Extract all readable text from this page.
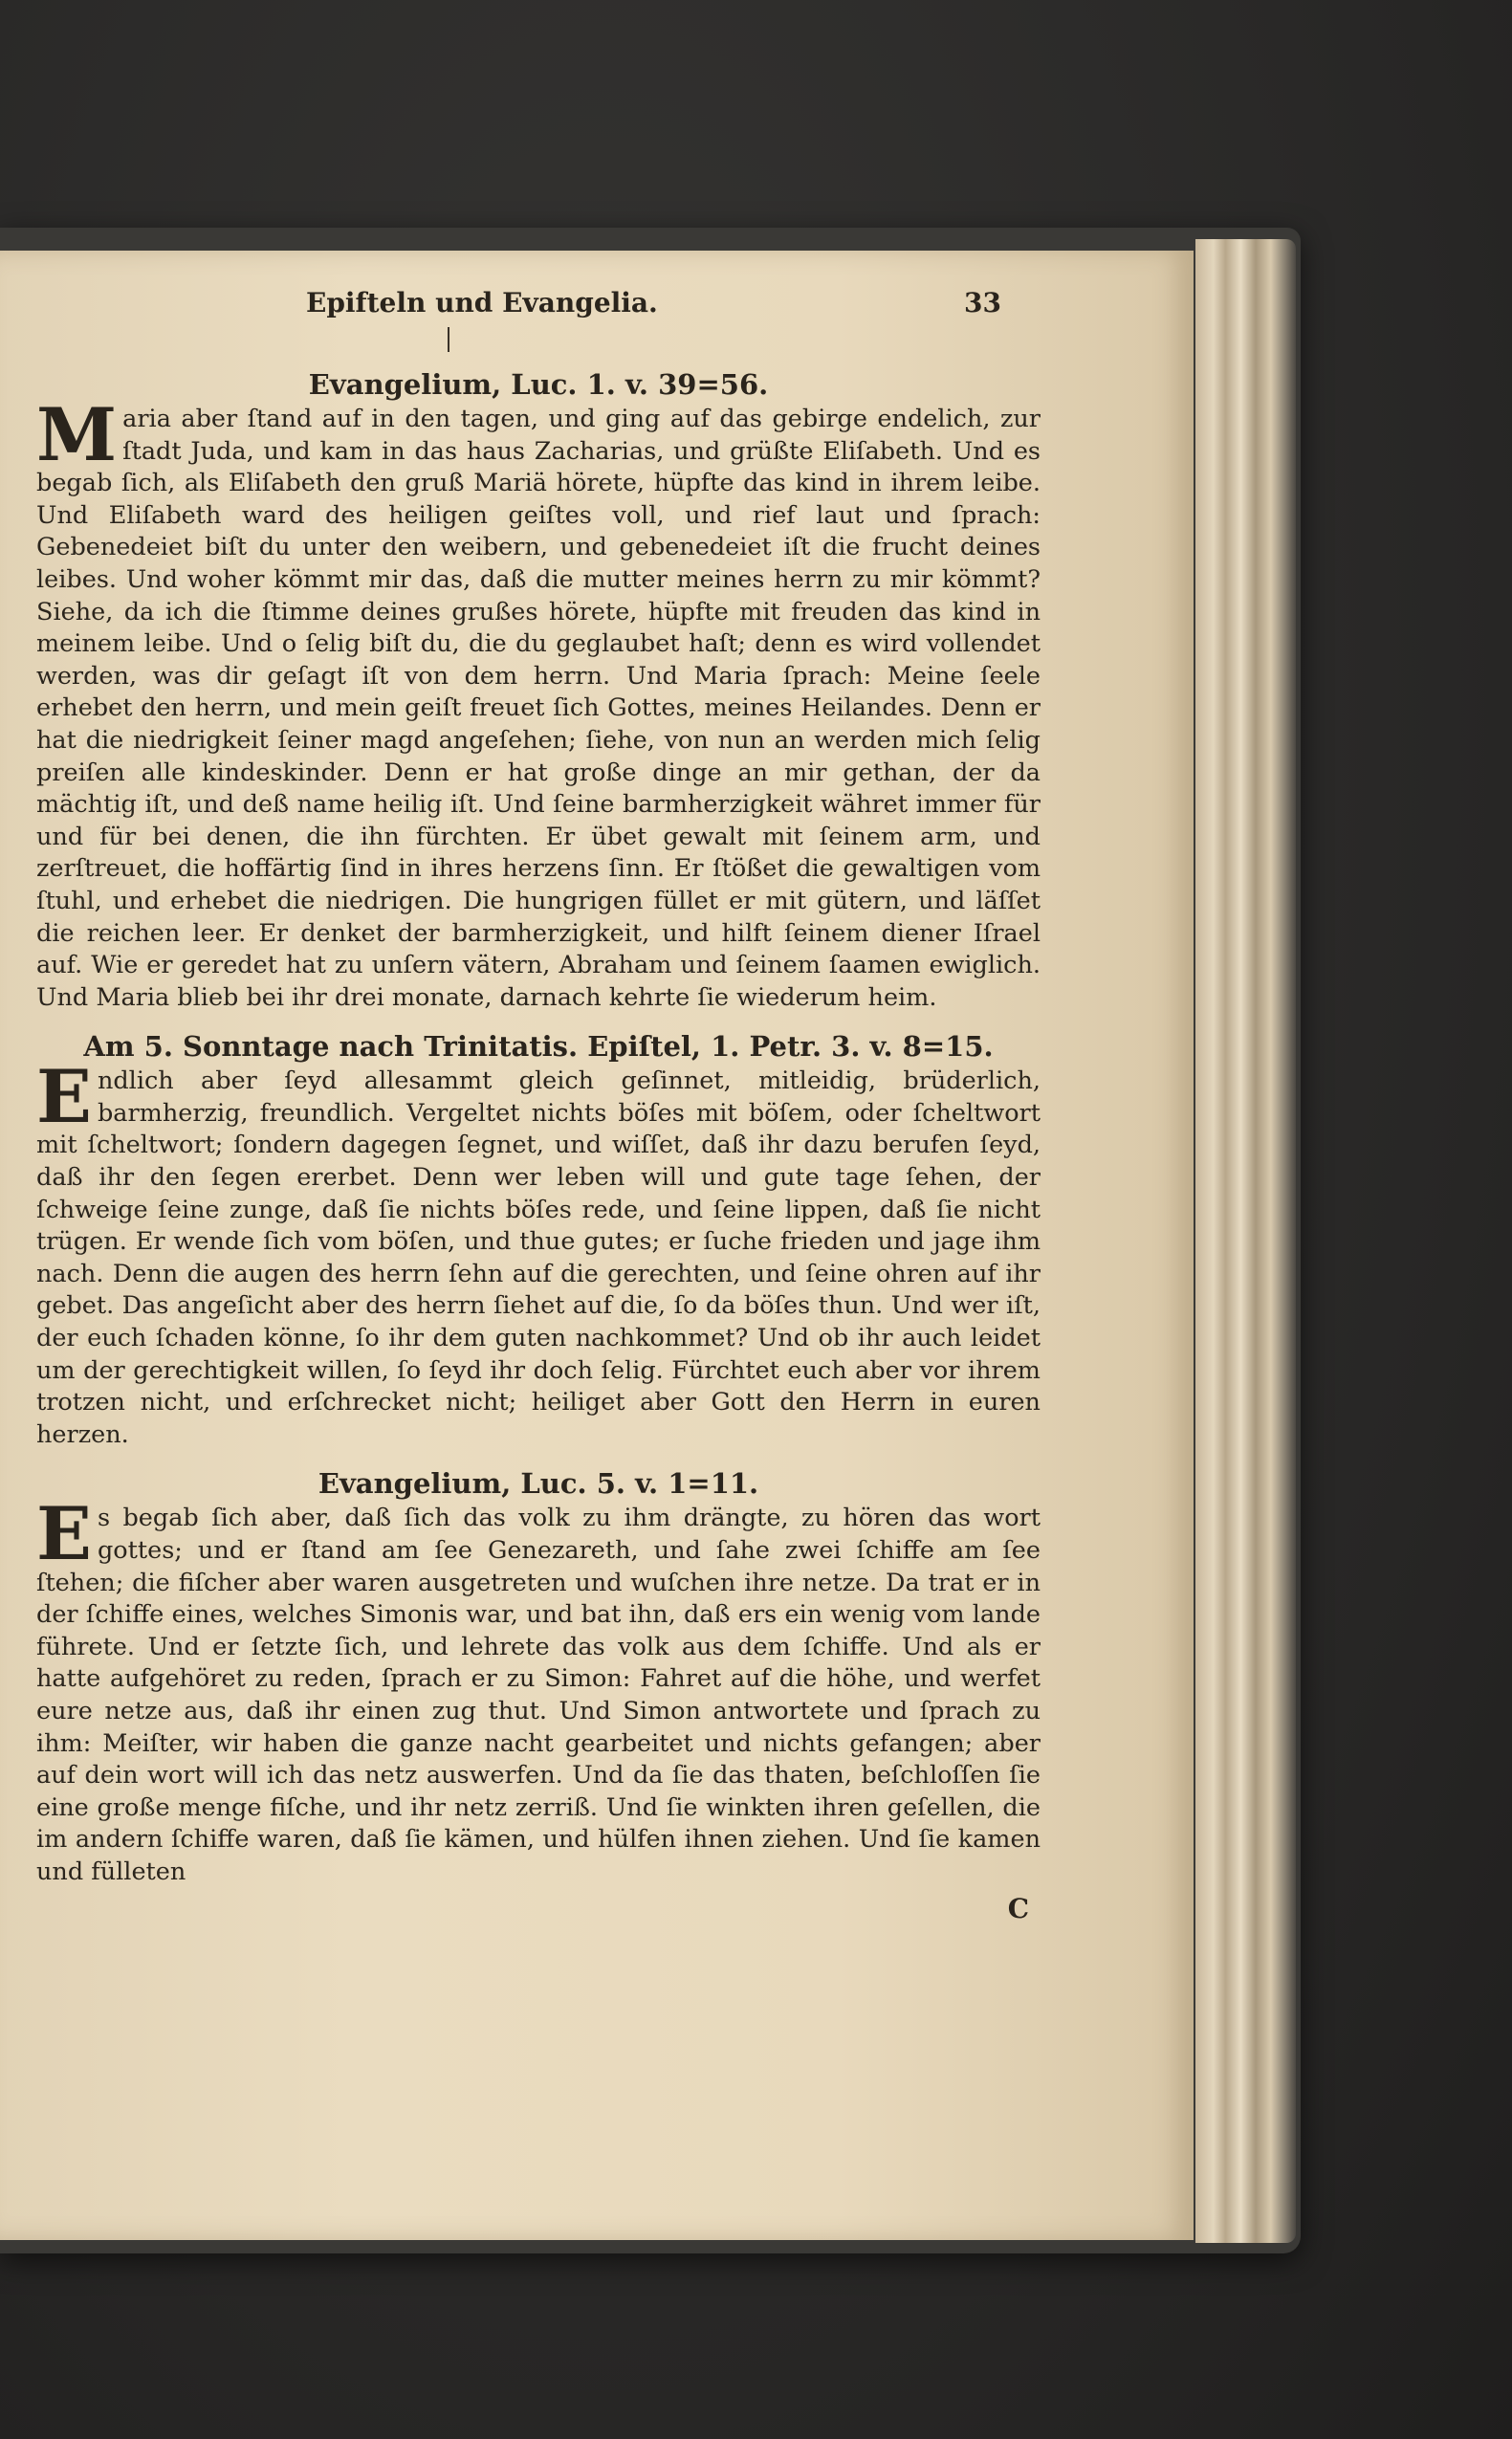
Epifteln und Evangelia.	33

Evangelium, Luc. 1. v. 39=56.

Maria aber ſtand auf in den tagen, und ging auf das gebirge endelich, zur ſtadt Juda, und kam in das haus Zacharias, und grüßte Eliſabeth. Und es begab ſich, als Eliſabeth den gruß Mariä hörete, hüpfte das kind in ihrem leibe. Und Eliſabeth ward des heiligen geiſtes voll, und rief laut und ſprach: Gebenedeiet biſt du unter den weibern, und gebenedeiet iſt die frucht deines leibes. Und woher kömmt mir das, daß die mutter meines herrn zu mir kömmt? Siehe, da ich die ſtimme deines grußes hörete, hüpfte mit freuden das kind in meinem leibe. Und o ſelig biſt du, die du geglaubet haſt; denn es wird vollendet werden, was dir geſagt iſt von dem herrn. Und Maria ſprach: Meine ſeele erhebet den herrn, und mein geiſt freuet ſich Gottes, meines Heilandes. Denn er hat die niedrigkeit ſeiner magd angeſehen; ſiehe, von nun an werden mich ſelig preiſen alle kindeskinder. Denn er hat große dinge an mir gethan, der da mächtig iſt, und deß name heilig iſt. Und ſeine barmherzigkeit währet immer für und für bei denen, die ihn fürchten. Er übet gewalt mit ſeinem arm, und zerſtreuet, die hoffärtig ſind in ihres herzens ſinn. Er ſtößet die gewaltigen vom ſtuhl, und erhebet die niedrigen. Die hungrigen füllet er mit gütern, und läſſet die reichen leer. Er denket der barmherzigkeit, und hilft ſeinem diener Iſrael auf. Wie er geredet hat zu unſern vätern, Abraham und ſeinem ſaamen ewiglich. Und Maria blieb bei ihr drei monate, darnach kehrte ſie wiederum heim.

Am 5. Sonntage nach Trinitatis. Epiſtel, 1. Petr. 3. v. 8=15.

Endlich aber ſeyd allesammt gleich geſinnet, mitleidig, brüderlich, barmherzig, freundlich. Vergeltet nichts böſes mit böſem, oder ſcheltwort mit ſcheltwort; ſondern dagegen ſegnet, und wiſſet, daß ihr dazu berufen ſeyd, daß ihr den ſegen ererbet. Denn wer leben will und gute tage ſehen, der ſchweige ſeine zunge, daß ſie nichts böſes rede, und ſeine lippen, daß ſie nicht trügen. Er wende ſich vom böſen, und thue gutes; er ſuche frieden und jage ihm nach. Denn die augen des herrn ſehn auf die gerechten, und ſeine ohren auf ihr gebet. Das angeſicht aber des herrn ſiehet auf die, ſo da böſes thun. Und wer iſt, der euch ſchaden könne, ſo ihr dem guten nachkommet? Und ob ihr auch leidet um der gerechtigkeit willen, ſo ſeyd ihr doch ſelig. Fürchtet euch aber vor ihrem trotzen nicht, und erſchrecket nicht; heiliget aber Gott den Herrn in euren herzen.

Evangelium, Luc. 5. v. 1=11.

Es begab ſich aber, daß ſich das volk zu ihm drängte, zu hören das wort gottes; und er ſtand am ſee Genezareth, und ſahe zwei ſchiffe am ſee ſtehen; die fiſcher aber waren ausgetreten und wuſchen ihre netze. Da trat er in der ſchiffe eines, welches Simonis war, und bat ihn, daß ers ein wenig vom lande führete. Und er ſetzte ſich, und lehrete das volk aus dem ſchiffe. Und als er hatte aufgehöret zu reden, ſprach er zu Simon: Fahret auf die höhe, und werfet eure netze aus, daß ihr einen zug thut. Und Simon antwortete und ſprach zu ihm: Meiſter, wir haben die ganze nacht gearbeitet und nichts gefangen; aber auf dein wort will ich das netz auswerfen. Und da ſie das thaten, beſchloſſen ſie eine große menge fiſche, und ihr netz zerriß. Und ſie winkten ihren geſellen, die im andern ſchiffe waren, daß ſie kämen, und hülfen ihnen ziehen. Und ſie kamen und fülleten

C
